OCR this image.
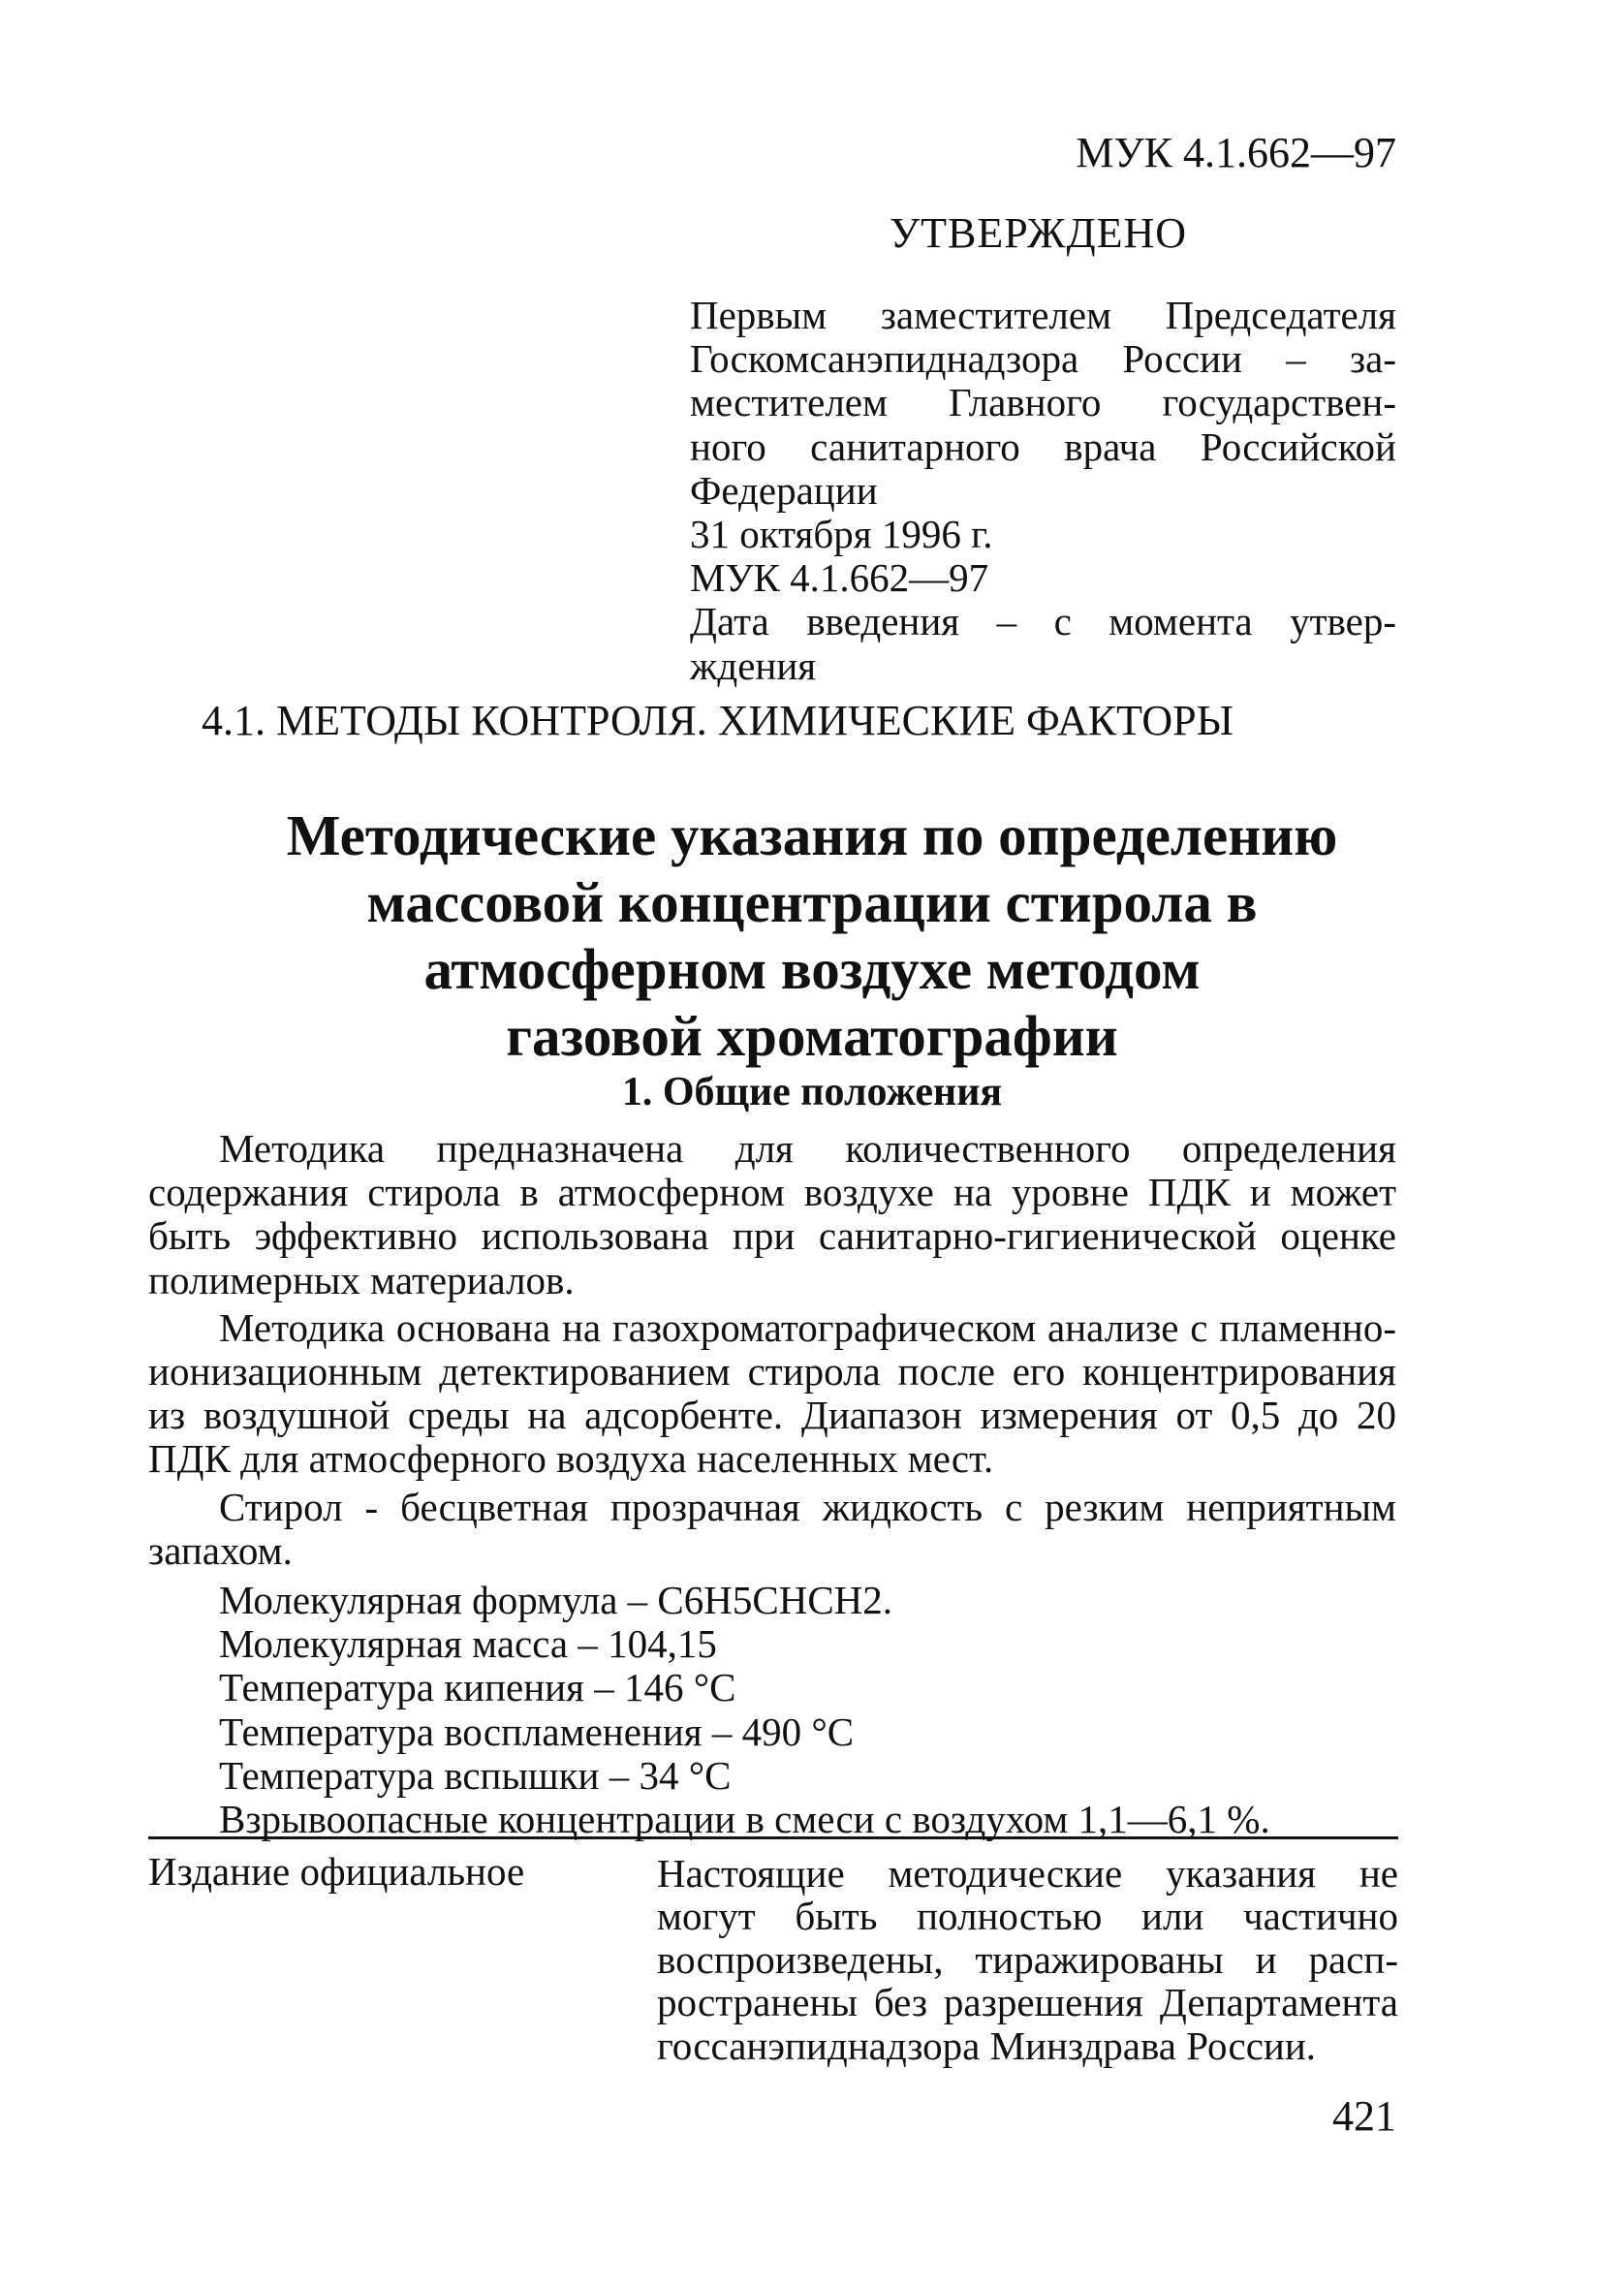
МУК 4.1.662—97
УТВЕРЖДЕНО
Первым заместителем Председателя
Госкомсанэпиднадзора России – за-
местителем Главного государствен-
ного санитарного врача Российской
Федерации
31 октября 1996 г.
МУК 4.1.662—97
Дата введения – с момента утвер-
ждения
4.1. МЕТОДЫ КОНТРОЛЯ. ХИМИЧЕСКИЕ ФАКТОРЫ
Методические указания по определению
массовой концентрации стирола в
атмосферном воздухе методом
газовой хроматографии
1. Общие положения

Методика предназначена для количественного определения содержания стирола в атмосферном воздухе на уровне ПДК и может быть эффективно использована при санитарно-гигиенической оценке полимерных материалов.

Методика основана на газохроматографическом анализе с пламенно-ионизационным детектированием стирола после его концентрирования из воздушной среды на адсорбенте. Диапазон измерения от 0,5 до 20 ПДК для атмосферного воздуха населенных мест.

Стирол - бесцветная прозрачная жидкость с резким неприятным запахом.

Молекулярная формула – C6H5CHCH2.
Молекулярная масса – 104,15
Температура кипения – 146 °C
Температура воспламенения – 490 °C
Температура вспышки – 34 °C
Взрывоопасные концентрации в смеси с воздухом 1,1—6,1 %.
Издание официальное	Настоящие методические указания не
могут быть полностью или частично
воспроизведены, тиражированы и расп-
ространены без разрешения Департамента
госсанэпиднадзора Минздрава России.
421
